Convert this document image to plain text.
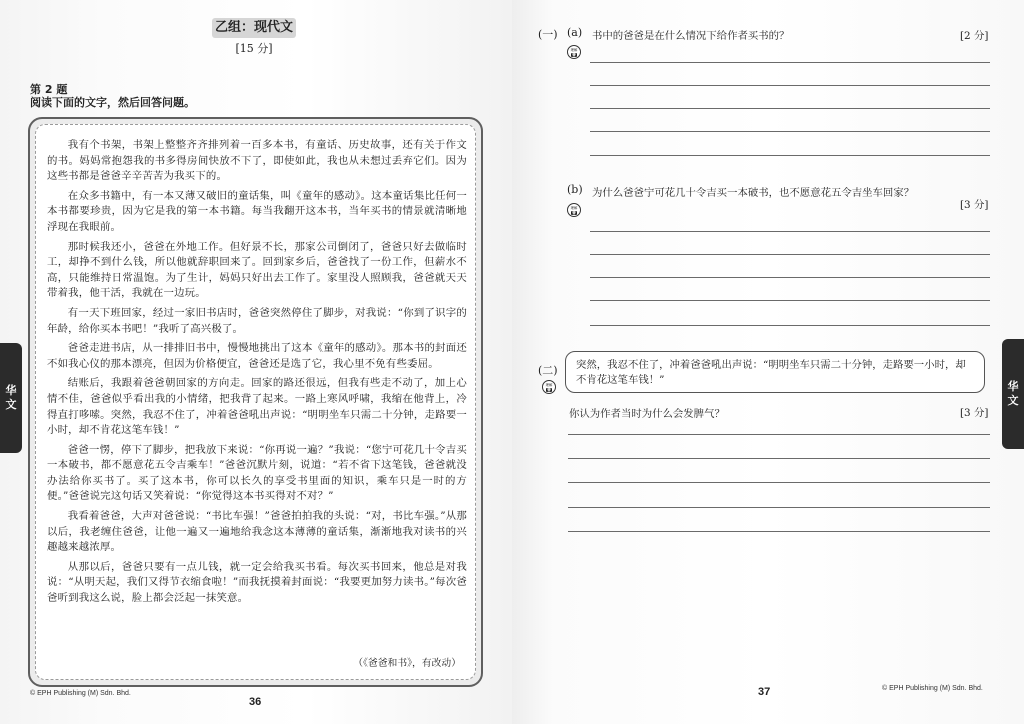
乙组：现代文
[15 分]
第 2 题
阅读下面的文字，然后回答问题。

我有个书架，书架上整整齐齐排列着一百多本书，有童话、历史故事，还有关于作文的书。妈妈常抱怨我的书多得房间快放不下了，即使如此，我也从未想过丢弃它们。因为这些书都是爸爸辛辛苦苦为我买下的。

在众多书籍中，有一本又薄又破旧的童话集，叫《童年的感动》。这本童话集比任何一本书都要珍贵，因为它是我的第一本书籍。每当我翻开这本书，当年买书的情景就清晰地浮现在我眼前。

那时候我还小，爸爸在外地工作。但好景不长，那家公司倒闭了，爸爸只好去做临时工，却挣不到什么钱，所以他就辞职回来了。回到家乡后，爸爸找了一份工作，但薪水不高，只能维持日常温饱。为了生计，妈妈只好出去工作了。家里没人照顾我，爸爸就天天带着我，他干活，我就在一边玩。

有一天下班回家，经过一家旧书店时，爸爸突然停住了脚步，对我说：“你到了识字的年龄，给你买本书吧！”我听了高兴极了。

爸爸走进书店，从一排排旧书中，慢慢地挑出了这本《童年的感动》。那本书的封面还不如我心仪的那本漂亮，但因为价格便宜，爸爸还是选了它，我心里不免有些委屈。

结账后，我跟着爸爸朝回家的方向走。回家的路还很远，但我有些走不动了，加上心情不佳，爸爸似乎看出我的小情绪，把我背了起来。一路上寒风呼啸，我缩在他背上，冷得直打哆嗦。突然，我忍不住了，冲着爸爸吼出声说：“明明坐车只需二十分钟，走路要一小时，却不肯花这笔车钱！”

爸爸一愣，停下了脚步，把我放下来说：“你再说一遍？”我说：“您宁可花几十令吉买一本破书，都不愿意花五令吉乘车！”爸爸沉默片刻，说道：“若不省下这笔钱，爸爸就没办法给你买书了。买了这本书，你可以长久的享受书里面的知识，乘车只是一时的方便。”爸爸说完这句话又笑着说：“你觉得这本书买得对不对？”

我看着爸爸，大声对爸爸说：“书比车强！”爸爸拍拍我的头说：“对，书比车强。”从那以后，我老缠住爸爸，让他一遍又一遍地给我念这本薄薄的童话集，渐渐地我对读书的兴趣越来越浓厚。

从那以后，爸爸只要有一点儿钱，就一定会给我买书看。每次买书回来，他总是对我说：“从明天起，我们又得节衣缩食啦！”而我抚摸着封面说：“我要更加努力读书。”每次爸爸听到我这么说，脸上都会泛起一抹笑意。

（《爸爸和书》，有改动）
华文
© EPH Publishing (M) Sdn. Bhd.
36
(一) (a) 书中的爸爸是在什么情况下给作者买书的？	[2 分]
理解
普
(b) 为什么爸爸宁可花几十令吉买一本破书，也不愿意花五令吉坐车回家？
[3 分]
理解
普
(二)
理解
普
你认为作者当时为什么会发脾气？	[3 分]
华文
37	© EPH Publishing (M) Sdn. Bhd.
突然，我忍不住了，冲着爸爸吼出声说：“明明坐车只需二十分钟，走路要一小时，却不肯花这笔车钱！”
